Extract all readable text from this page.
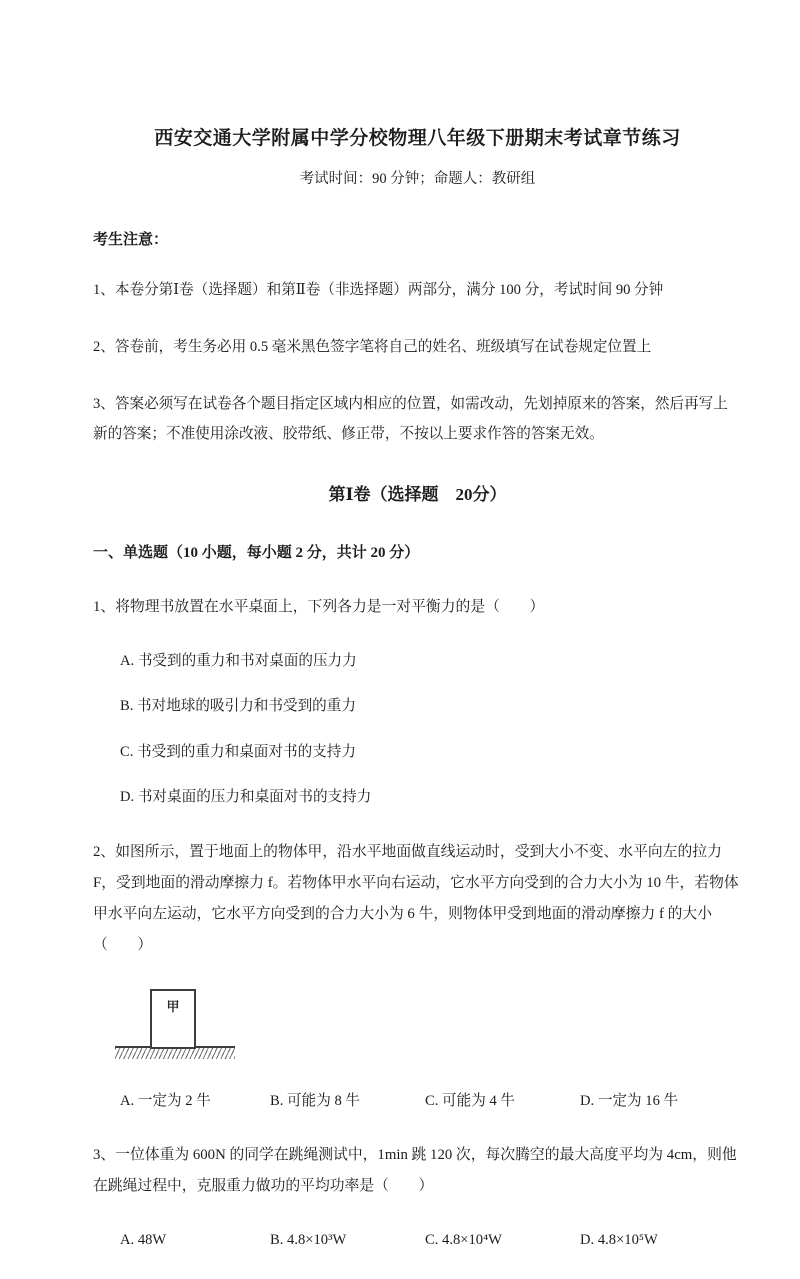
西安交通大学附属中学分校物理八年级下册期末考试章节练习
考试时间：90 分钟；命题人：教研组
考生注意：
1、本卷分第Ⅰ卷（选择题）和第Ⅱ卷（非选择题）两部分，满分 100 分，考试时间 90 分钟
2、答卷前，考生务必用 0.5 毫米黑色签字笔将自己的姓名、班级填写在试卷规定位置上
3、答案必须写在试卷各个题目指定区域内相应的位置，如需改动，先划掉原来的答案，然后再写上新的答案；不准使用涂改液、胶带纸、修正带，不按以上要求作答的答案无效。
第Ⅰ卷（选择题　20分）
一、单选题（10 小题，每小题 2 分，共计 20 分）
1、将物理书放置在水平桌面上，下列各力是一对平衡力的是（　　）
A. 书受到的重力和书对桌面的压力力
B. 书对地球的吸引力和书受到的重力
C. 书受到的重力和桌面对书的支持力
D. 书对桌面的压力和桌面对书的支持力
2、如图所示，置于地面上的物体甲，沿水平地面做直线运动时，受到大小不变、水平向左的拉力 F，受到地面的滑动摩擦力 f。若物体甲水平向右运动，它水平方向受到的合力大小为 10 牛，若物体甲水平向左运动，它水平方向受到的合力大小为 6 牛，则物体甲受到地面的滑动摩擦力 f 的大小（　　）
甲
A. 一定为 2 牛	B. 可能为 8 牛	C. 可能为 4 牛	D. 一定为 16 牛
3、一位体重为 600N 的同学在跳绳测试中，1min 跳 120 次，每次腾空的最大高度平均为 4cm，则他在跳绳过程中，克服重力做功的平均功率是（　　）
A. 48W	B. 4.8×10³W	C. 4.8×10⁴W	D. 4.8×10⁵W
